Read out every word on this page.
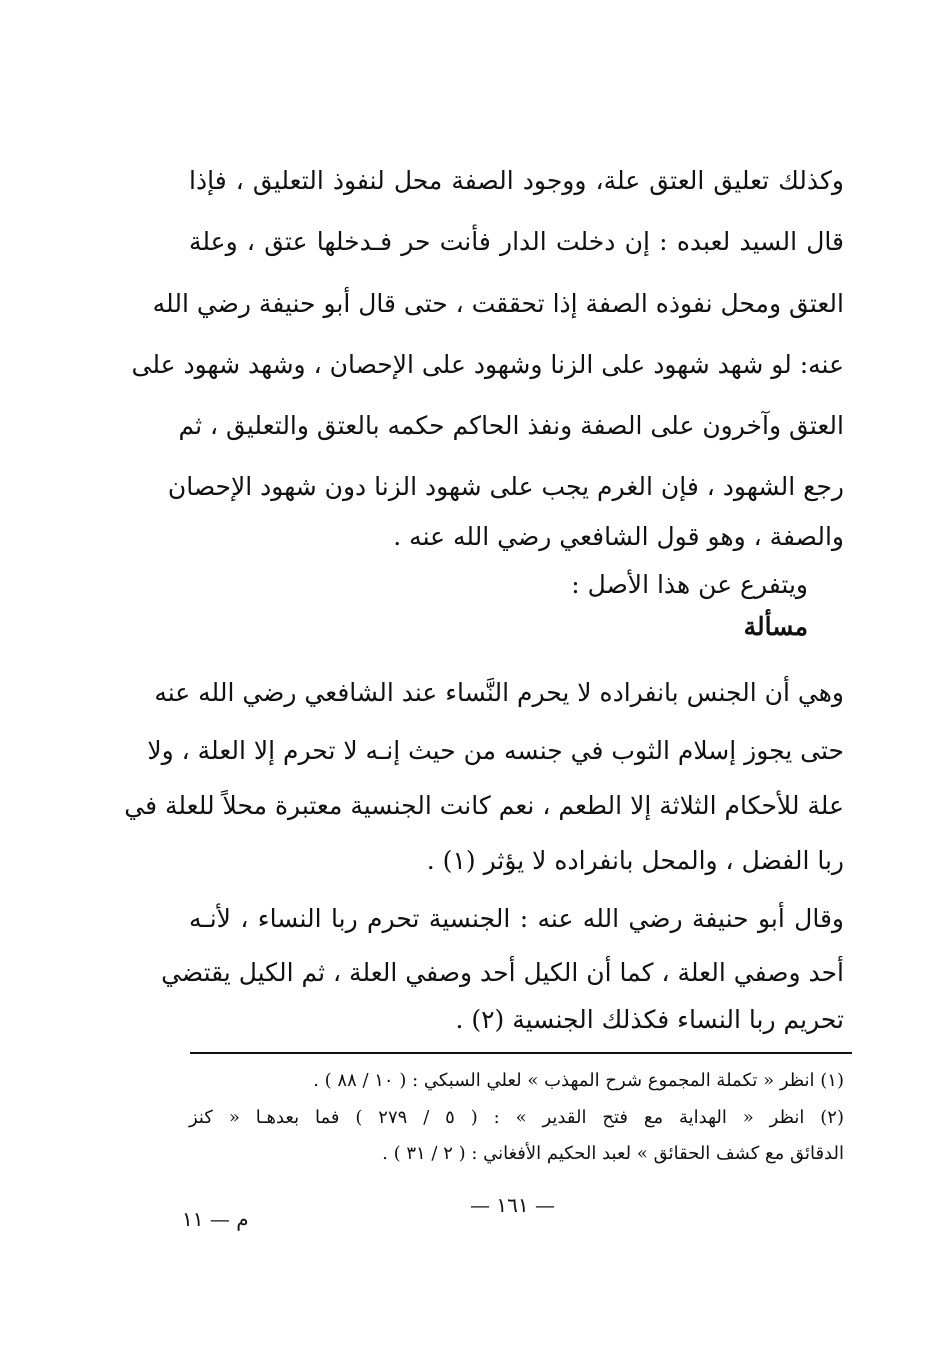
وكذلك تعليق العتق علة، ووجود الصفة محل لنفوذ التعليق ، فإذا
قال السيد لعبده : إن دخلت الدار فأنت حر فـدخلها عتق ، وعلة
العتق ومحل نفوذه الصفة إذا تحققت ، حتى قال أبو حنيفة رضي الله
عنه: لو شهد شهود على الزنا وشهود على الإحصان ، وشهد شهود على
العتق وآخرون على الصفة ونفذ الحاكم حكمه بالعتق والتعليق ، ثم
رجع الشهود ، فإن الغرم يجب على شهود الزنا دون شهود الإحصان
والصفة ، وهو قول الشافعي رضي الله عنه .
ويتفرع عن هذا الأصل :
مسألة
وهي أن الجنس بانفراده لا يحرم النَّساء عند الشافعي رضي الله عنه
حتى يجوز إسلام الثوب في جنسه من حيث إنـه لا تحرم إلا العلة ، ولا
علة للأحكام الثلاثة إلا الطعم ، نعم كانت الجنسية معتبرة محلاً للعلة في
ربا الفضل ، والمحل بانفراده لا يؤثر (١) .
وقال أبو حنيفة رضي الله عنه : الجنسية تحرم ربا النساء ، لأنـه
أحد وصفي العلة ، كما أن الكيل أحد وصفي العلة ، ثم الكيل يقتضي
تحريم ربا النساء فكذلك الجنسية (٢) .
(١) انظر « تكملة المجموع شرح المهذب » لعلي السبكي : ( ١٠ / ٨٨ ) .
(٢) انظر « الهداية مع فتح القدير » : ( ٥ / ٢٧٩ ) فما بعدهـا « كنز
الدقائق مع كشف الحقائق » لعبد الحكيم الأفغاني : ( ٢ / ٣١ ) .
— ١٦١ —
م — ١١
